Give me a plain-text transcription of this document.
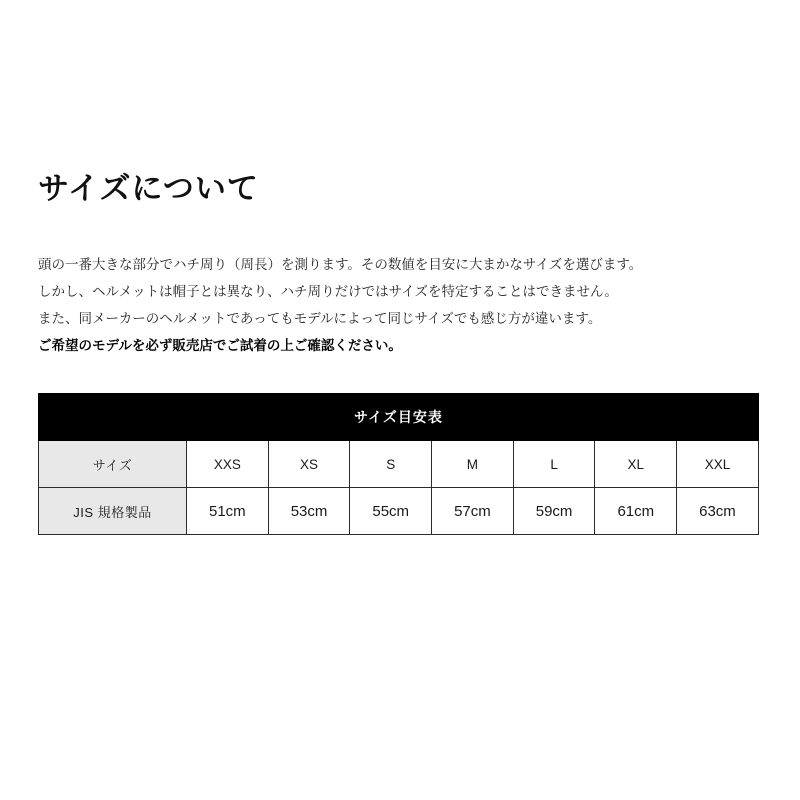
サイズについて

頭の一番大きな部分でハチ周り（周長）を測ります。その数値を目安に大まかなサイズを選びます。

しかし、ヘルメットは帽子とは異なり、ハチ周りだけではサイズを特定することはできません。

また、同メーカーのヘルメットであってもモデルによって同じサイズでも感じ方が違います。

ご希望のモデルを必ず販売店でご試着の上ご確認ください。

サイズ目安表							
サイズ	XXS	XS	S	M	L	XL	XXL
JIS 規格製品	51cm	53cm	55cm	57cm	59cm	61cm	63cm
